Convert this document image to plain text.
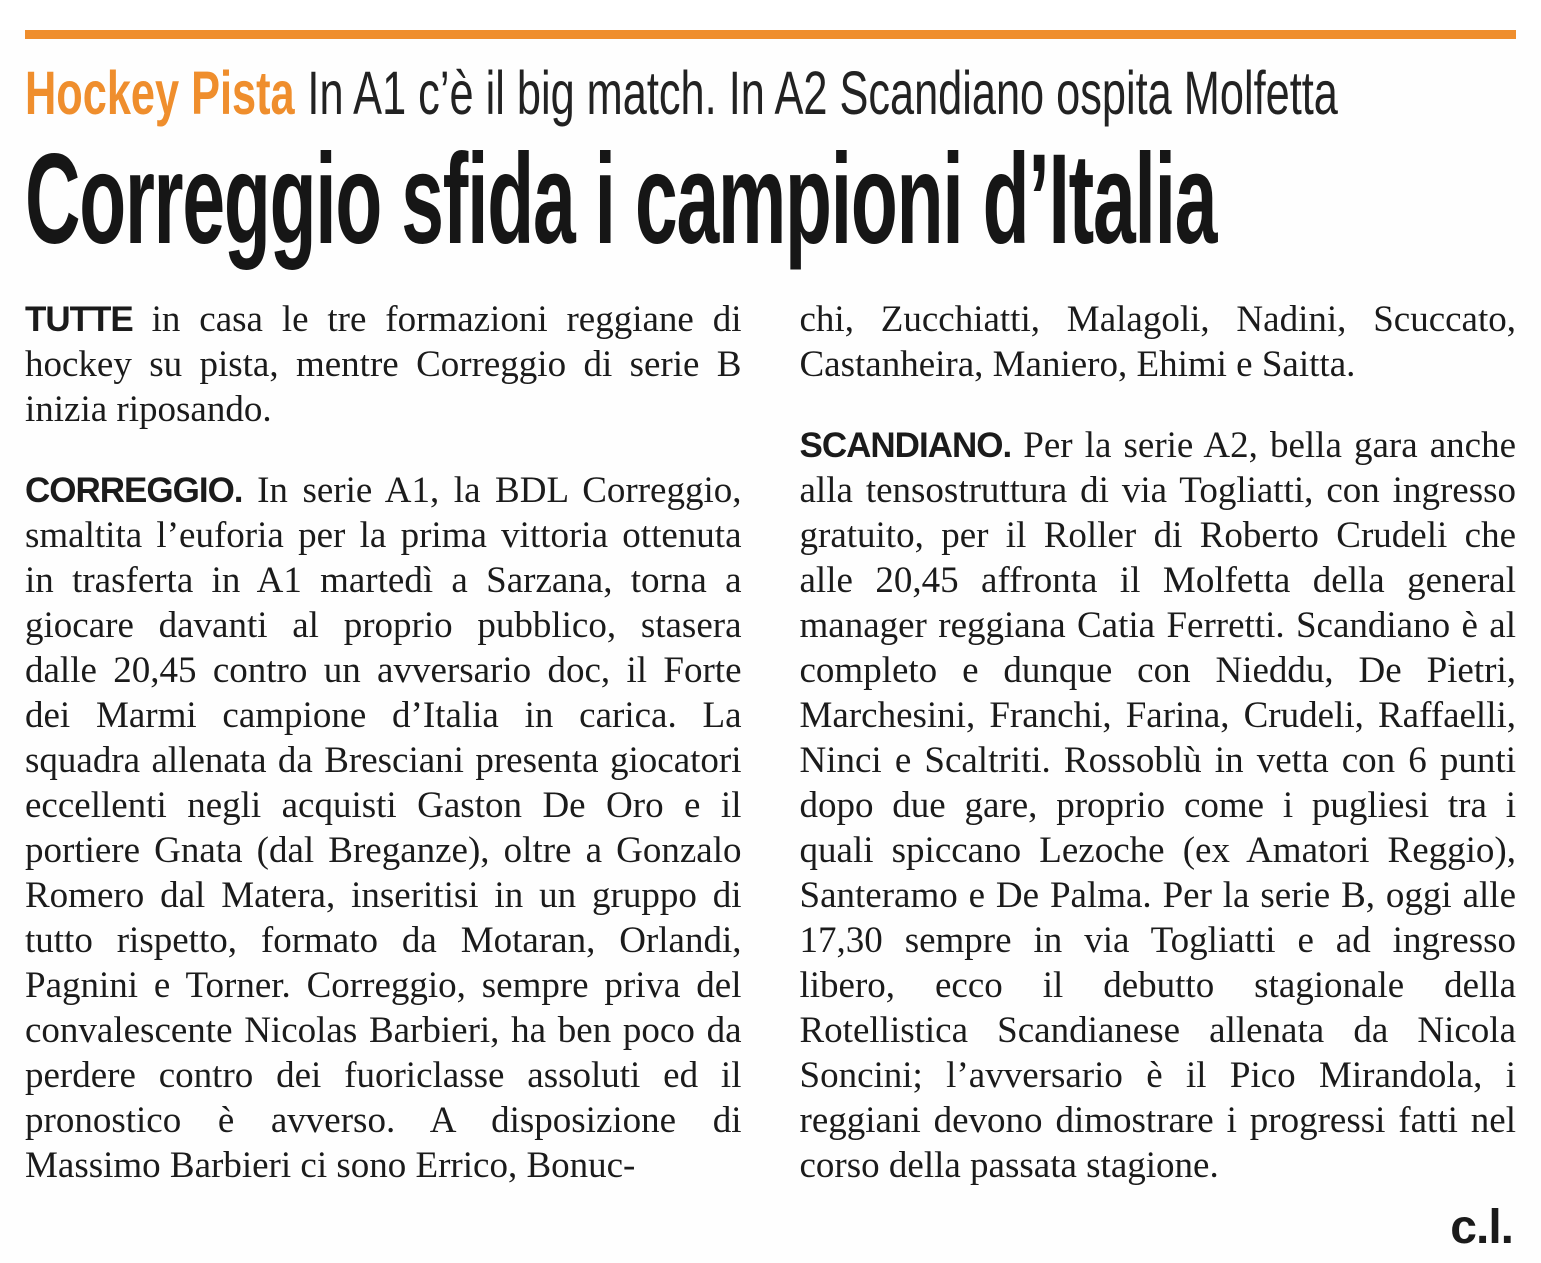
Hockey Pista In A1 c’è il big match. In A2 Scandiano ospita Molfetta
Correggio sfida i campioni d’Italia

TUTTE in casa le tre formazioni reggiane di hockey su pista, mentre Correggio di serie B inizia riposando.

CORREGGIO. In serie A1, la BDL Correggio, smaltita l’euforia per la prima vittoria ottenuta in trasferta in A1 martedì a Sarzana, torna a giocare davanti al proprio pubblico, stasera dalle 20,45 contro un avversario doc, il Forte dei Marmi campione d’Italia in carica. La squadra allenata da Bresciani presenta giocatori eccellenti negli acquisti Gaston De Oro e il portiere Gnata (dal Breganze), oltre a Gonzalo Romero dal Matera, inseritisi in un gruppo di tutto rispetto, formato da Motaran, Orlandi, Pagnini e Torner. Correggio, sempre priva del convalescente Nicolas Barbieri, ha ben poco da perdere contro dei fuoriclasse assoluti ed il pronostico è avverso. A disposizione di Massimo Barbieri ci sono Errico, Bonuc-

chi, Zucchiatti, Malagoli, Nadini, Scuccato, Castanheira, Maniero, Ehimi e Saitta.

SCANDIANO. Per la serie A2, bella gara anche alla tensostruttura di via Togliatti, con ingresso gratuito, per il Roller di Roberto Crudeli che alle 20,45 affronta il Molfetta della general manager reggiana Catia Ferretti. Scandiano è al completo e dunque con Nieddu, De Pietri, Marchesini, Franchi, Farina, Crudeli, Raffaelli, Ninci e Scaltriti. Rossoblù in vetta con 6 punti dopo due gare, proprio come i pugliesi tra i quali spiccano Lezoche (ex Amatori Reggio), Santeramo e De Palma. Per la serie B, oggi alle 17,30 sempre in via Togliatti e ad ingresso libero, ecco il debutto stagionale della Rotellistica Scandianese allenata da Nicola Soncini; l’avversario è il Pico Mirandola, i reggiani devono dimostrare i progressi fatti nel corso della passata stagione.

c.l.
